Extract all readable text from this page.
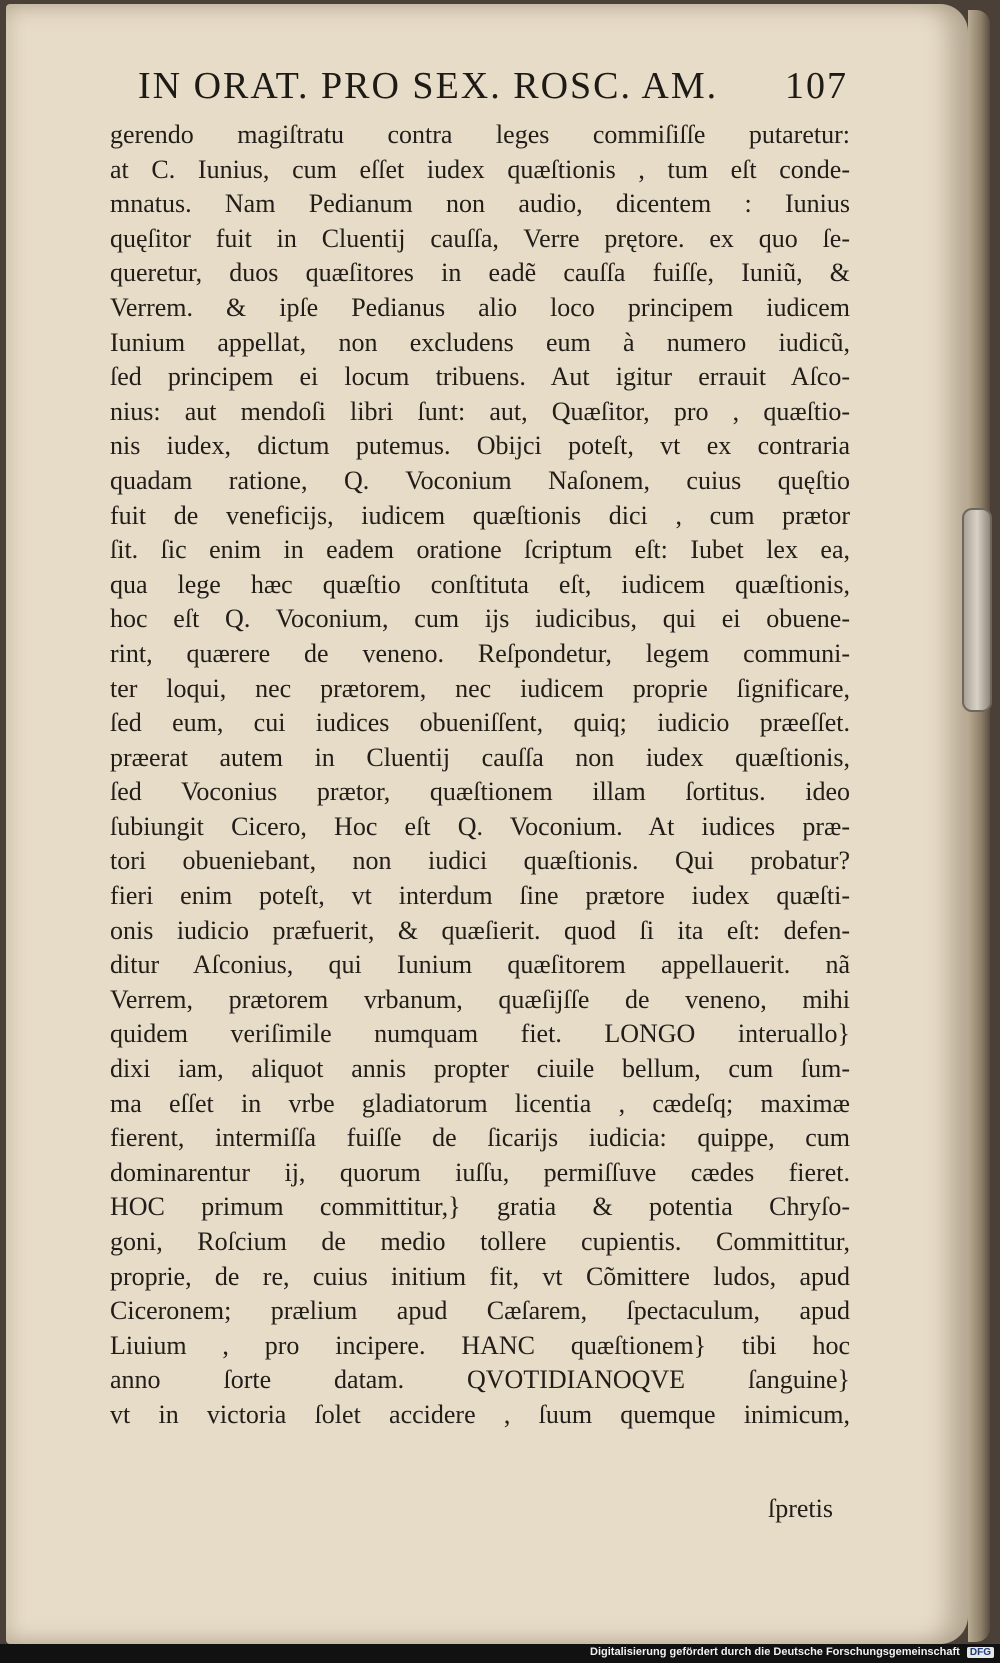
IN ORAT. PRO SEX. ROSC. AM. 107
gerendo magiſtratu contra leges commiſiſſe putaretur:
at C. Iunius, cum eſſet iudex quæſtionis , tum eſt conde-
mnatus. Nam Pedianum non audio, dicentem : Iunius
quęſitor fuit in Cluentij cauſſa, Verre prętore. ex quo ſe-
queretur, duos quæſitores in eadẽ cauſſa fuiſſe, Iuniũ, &
Verrem. & ipſe Pedianus alio loco principem iudicem
Iunium appellat, non excludens eum à numero iudicũ,
ſed principem ei locum tribuens. Aut igitur errauit Aſco-
nius: aut mendoſi libri ſunt: aut, Quæſitor, pro , quæſtio-
nis iudex, dictum putemus. Obijci poteſt, vt ex contraria
quadam ratione, Q. Voconium Naſonem, cuius quęſtio
fuit de veneficijs, iudicem quæſtionis dici , cum prætor
ſit. ſic enim in eadem oratione ſcriptum eſt: Iubet lex ea,
qua lege hæc quæſtio conſtituta eſt, iudicem quæſtionis,
hoc eſt Q. Voconium, cum ijs iudicibus, qui ei obuene-
rint, quærere de veneno. Reſpondetur, legem communi-
ter loqui, nec prætorem, nec iudicem proprie ſignificare,
ſed eum, cui iudices obueniſſent, quiq; iudicio præeſſet.
præerat autem in Cluentij cauſſa non iudex quæſtionis,
ſed Voconius prætor, quæſtionem illam ſortitus. ideo
ſubiungit Cicero, Hoc eſt Q. Voconium. At iudices præ-
tori obueniebant, non iudici quæſtionis. Qui probatur?
fieri enim poteſt, vt interdum ſine prætore iudex quæſti-
onis iudicio præfuerit, & quæſierit. quod ſi ita eſt: defen-
ditur Aſconius, qui Iunium quæſitorem appellauerit. nã
Verrem, prætorem vrbanum, quæſijſſe de veneno, mihi
quidem veriſimile numquam fiet. LONGO interuallo}
dixi iam, aliquot annis propter ciuile bellum, cum ſum-
ma eſſet in vrbe gladiatorum licentia , cædeſq; maximæ
fierent, intermiſſa fuiſſe de ſicarijs iudicia: quippe, cum
dominarentur ij, quorum iuſſu, permiſſuve cædes fieret.
HOC primum committitur,} gratia & potentia Chryſo-
goni, Roſcium de medio tollere cupientis. Committitur,
proprie, de re, cuius initium fit, vt Cõmittere ludos, apud
Ciceronem; prælium apud Cæſarem, ſpectaculum, apud
Liuium , pro incipere. HANC quæſtionem} tibi hoc
anno ſorte datam. QVOTIDIANOQVE ſanguine}
vt in victoria ſolet accidere , ſuum quemque inimicum,
ſpretis
Digitalisierung gefördert durch die Deutsche Forschungsgemeinschaft DFG
